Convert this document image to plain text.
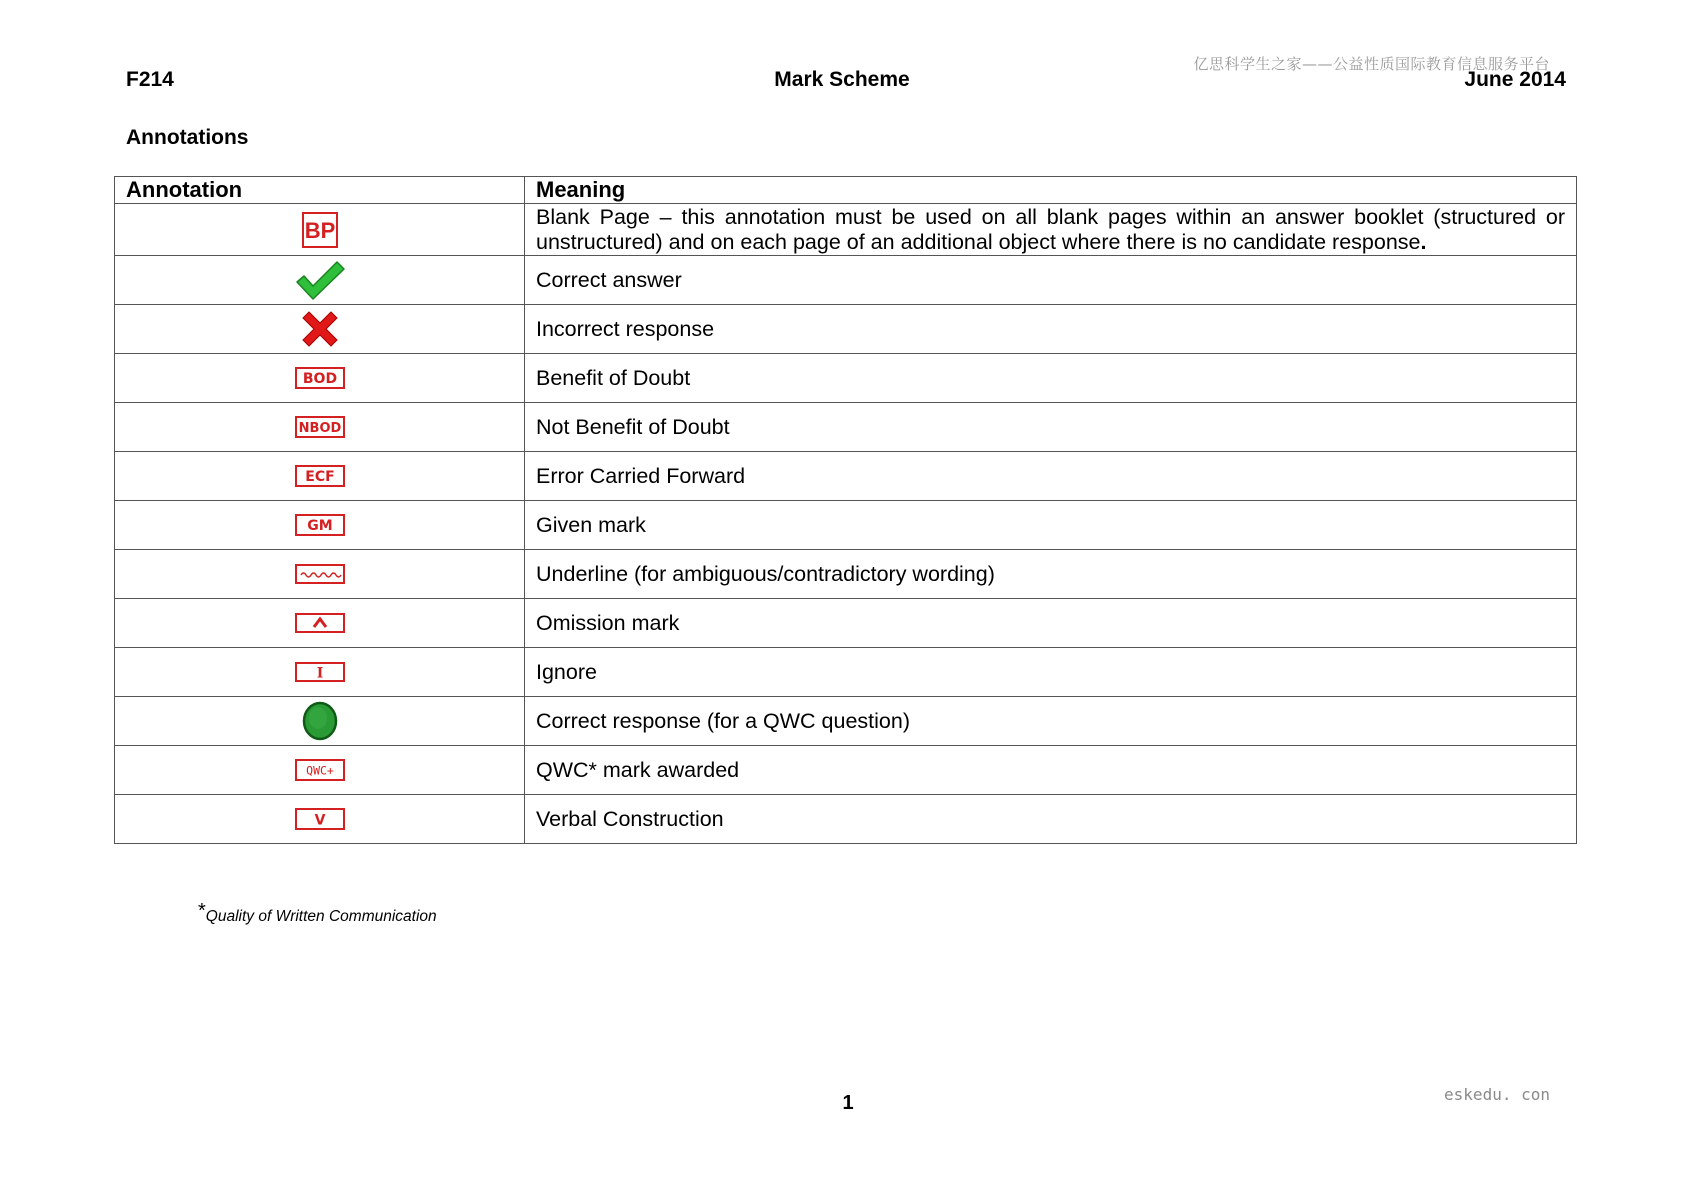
F214	Mark Scheme	June 2014
亿思科学生之家——公益性质国际教育信息服务平台
Annotations
Annotation	Meaning

BP	Blank Page – this annotation must be used on all blank pages within an answer booklet (structured or unstructured) and on each page of an additional object where there is no candidate response.
	Correct answer
	Incorrect response

BOD	Benefit of Doubt

NBOD	Not Benefit of Doubt

ECF	Error Carried Forward

GM	Given mark
	Underline (for ambiguous/contradictory wording)
	Omission mark

I	Ignore
	Correct response (for a QWC question)

QWC+	QWC* mark awarded

V	Verbal Construction
*Quality of Written Communication
1	eskedu. con
